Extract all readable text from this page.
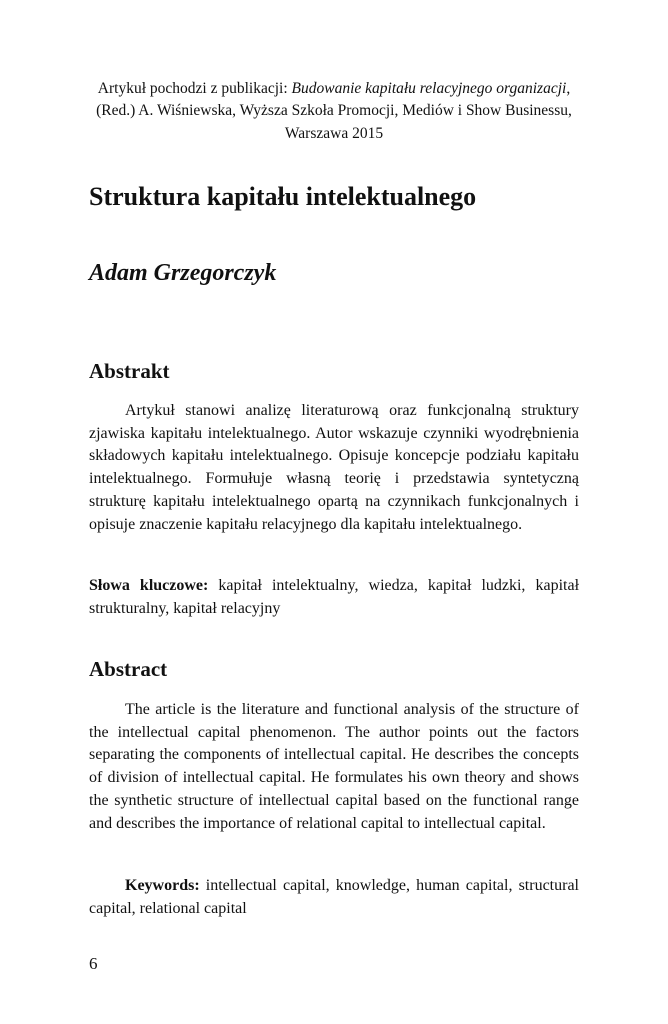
Artykuł pochodzi z publikacji: Budowanie kapitału relacyjnego organizacji, (Red.) A. Wiśniewska, Wyższa Szkoła Promocji, Mediów i Show Businessu, Warszawa 2015

Struktura kapitału intelektualnego
Adam Grzegorczyk
Abstrakt

Artykuł stanowi analizę literaturową oraz funkcjonalną struktury zjawiska kapitału intelektualnego. Autor wskazuje czynniki wyodrębnienia składowych kapitału intelektualnego. Opisuje koncepcje podziału kapitału intelektualnego. Formułuje własną teorię i przedstawia syntetyczną strukturę kapitału intelektualnego opartą na czynnikach funkcjonalnych i opisuje znaczenie kapitału relacyjnego dla kapitału intelektualnego.

Słowa kluczowe: kapitał intelektualny, wiedza, kapitał ludzki, kapitał strukturalny, kapitał relacyjny

Abstract

The article is the literature and functional analysis of the structure of the intellectual capital phenomenon. The author points out the factors separating the components of intellectual capital. He describes the concepts of division of intellectual capital. He formulates his own theory and shows the synthetic structure of intellectual capital based on the functional range and describes the importance of relational capital to intellectual capital.

Keywords: intellectual capital, knowledge, human capital, structural capital, relational capital

6
